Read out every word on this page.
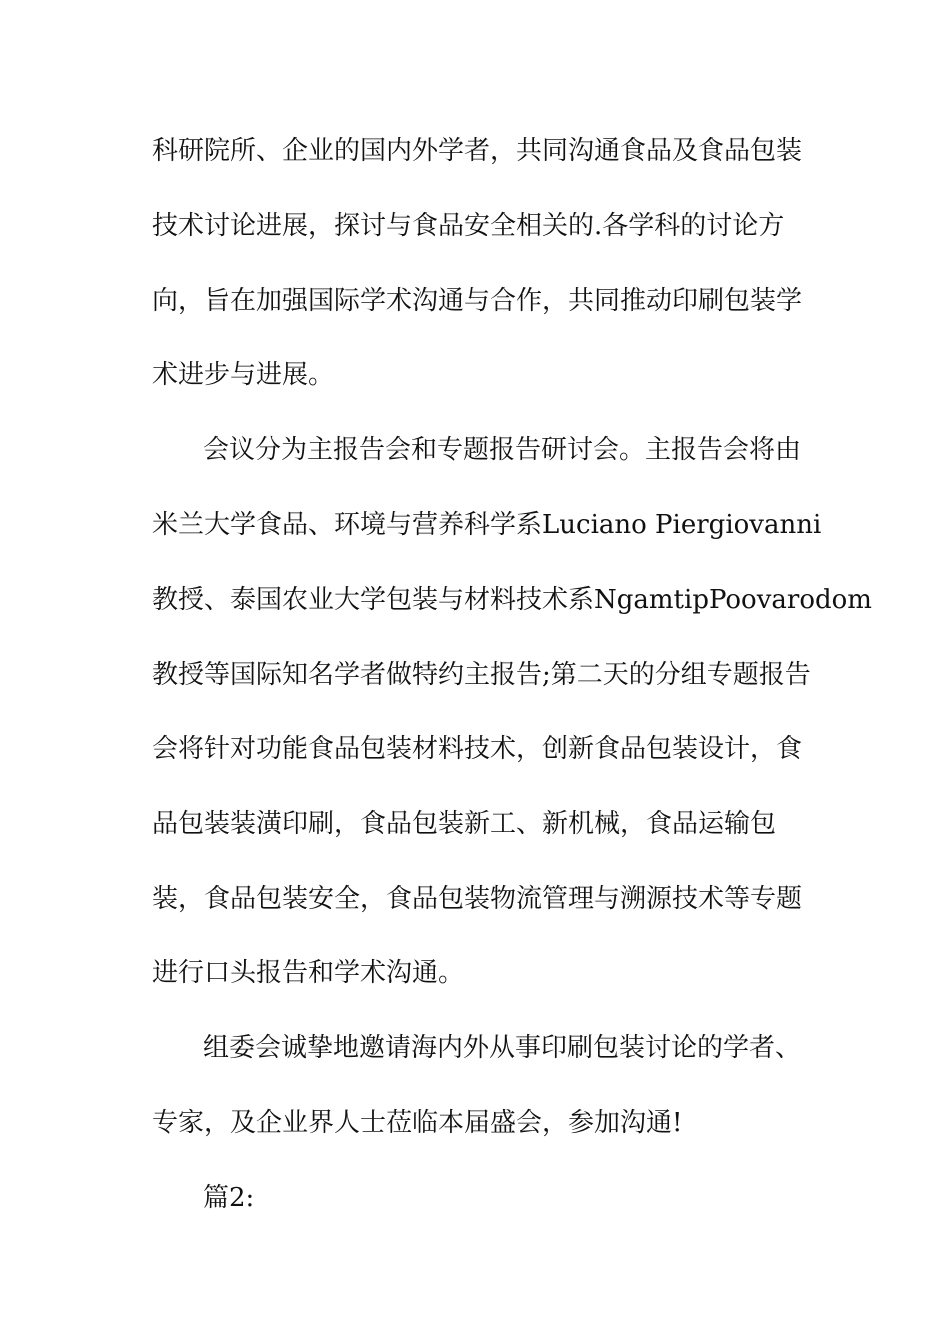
科研院所、企业的国内外学者，共同沟通食品及食品包装
技术讨论进展，探讨与食品安全相关的.各学科的讨论方
向，旨在加强国际学术沟通与合作，共同推动印刷包装学
术进步与进展。
会议分为主报告会和专题报告研讨会。主报告会将由
米兰大学食品、环境与营养科学系Luciano Piergiovanni
教授、泰国农业大学包装与材料技术系NgamtipPoovarodom
教授等国际知名学者做特约主报告;第二天的分组专题报告
会将针对功能食品包装材料技术，创新食品包装设计，食
品包装装潢印刷，食品包装新工、新机械，食品运输包
装，食品包装安全，食品包装物流管理与溯源技术等专题
进行口头报告和学术沟通。
组委会诚挚地邀请海内外从事印刷包装讨论的学者、
专家，及企业界人士莅临本届盛会，参加沟通!
篇2:
